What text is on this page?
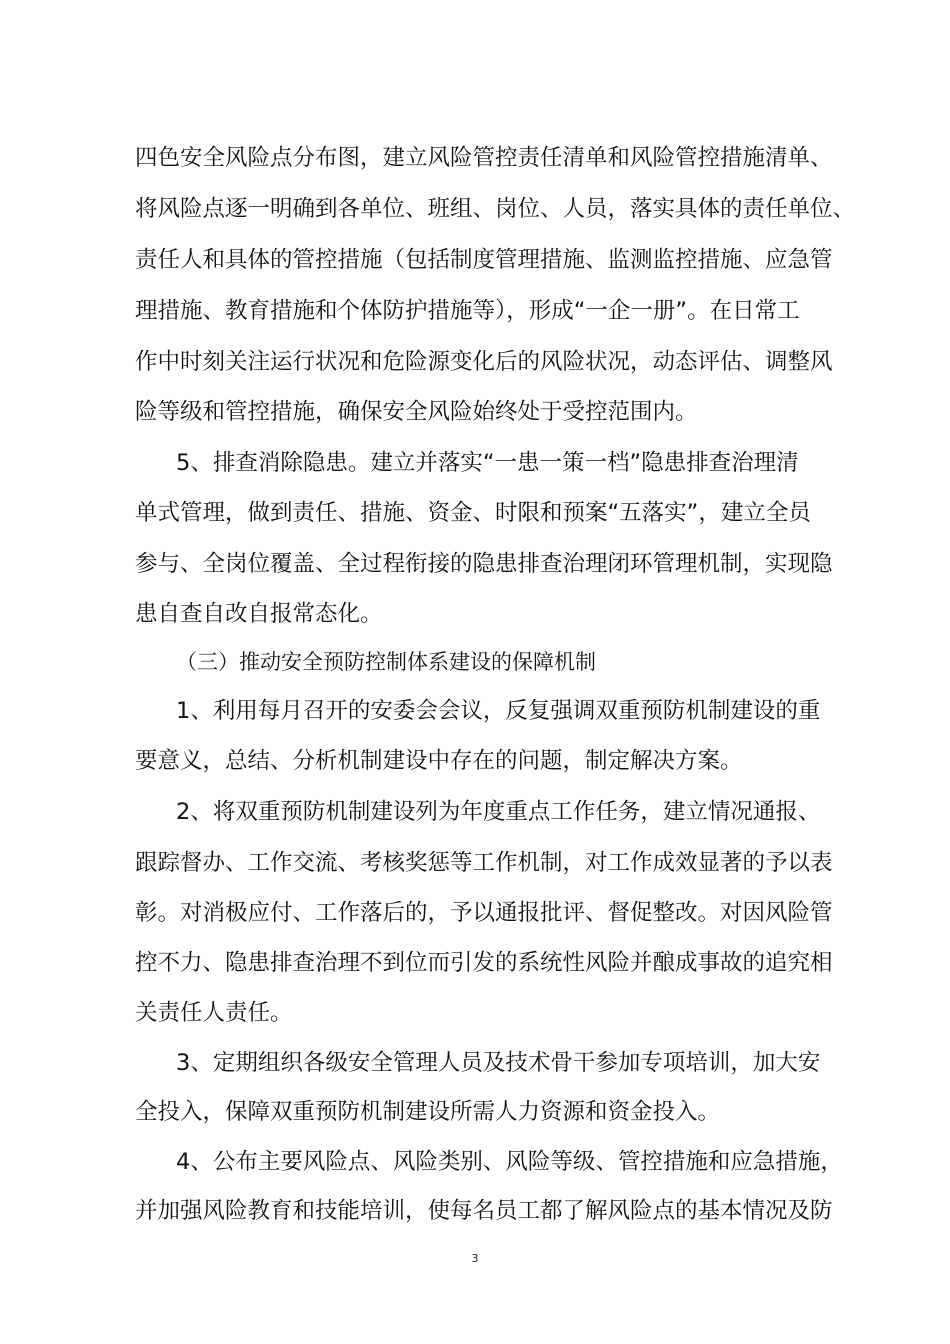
四色安全风险点分布图，建立风险管控责任清单和风险管控措施清单、

将风险点逐一明确到各单位、班组、岗位、人员，落实具体的责任单位、

责任人和具体的管控措施（包括制度管理措施、监测监控措施、应急管

理措施、教育措施和个体防护措施等），形成“一企一册”。在日常工

作中时刻关注运行状况和危险源变化后的风险状况，动态评估、调整风

险等级和管控措施，确保安全风险始终处于受控范围内。

5、排查消除隐患。建立并落实“一患一策一档”隐患排查治理清

单式管理，做到责任、措施、资金、时限和预案“五落实”，建立全员

参与、全岗位覆盖、全过程衔接的隐患排查治理闭环管理机制，实现隐

患自查自改自报常态化。

（三）推动安全预防控制体系建设的保障机制

1、利用每月召开的安委会会议，反复强调双重预防机制建设的重

要意义，总结、分析机制建设中存在的问题，制定解决方案。

2、将双重预防机制建设列为年度重点工作任务，建立情况通报、

跟踪督办、工作交流、考核奖惩等工作机制，对工作成效显著的予以表

彰。对消极应付、工作落后的，予以通报批评、督促整改。对因风险管

控不力、隐患排查治理不到位而引发的系统性风险并酿成事故的追究相

关责任人责任。

3、定期组织各级安全管理人员及技术骨干参加专项培训，加大安

全投入，保障双重预防机制建设所需人力资源和资金投入。

4、公布主要风险点、风险类别、风险等级、管控措施和应急措施，

并加强风险教育和技能培训，使每名员工都了解风险点的基本情况及防

3
